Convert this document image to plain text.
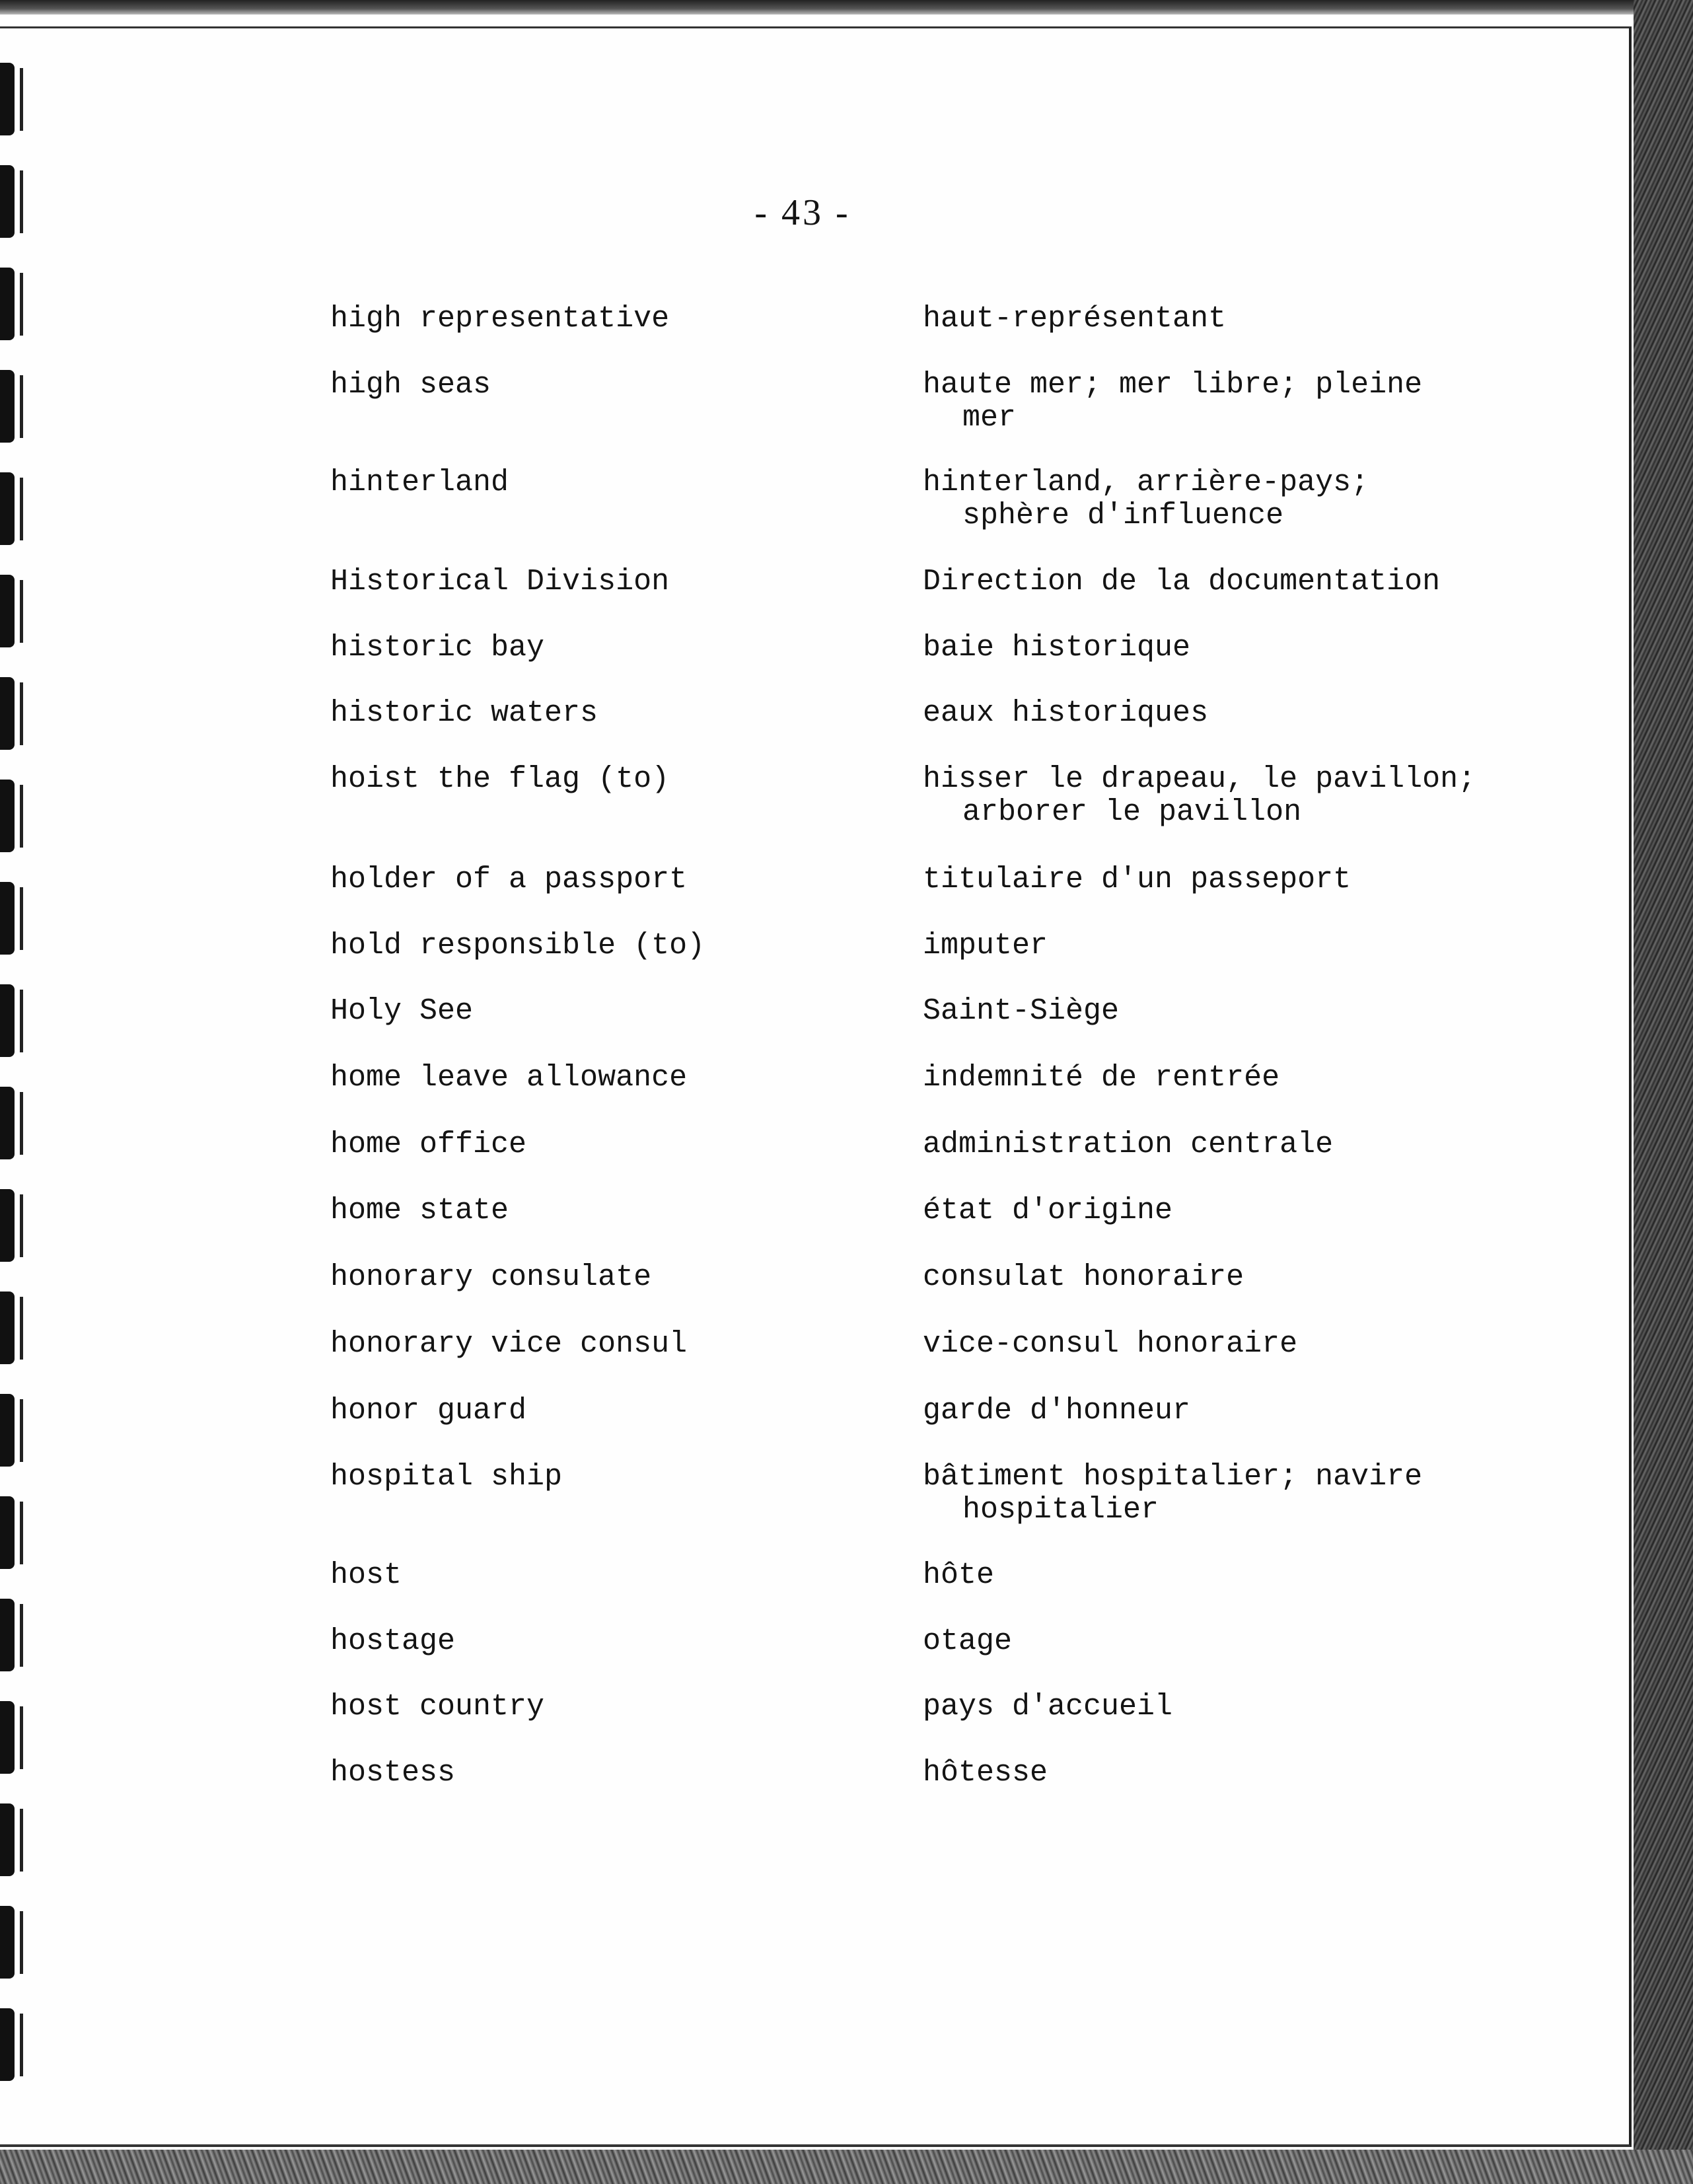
- 43 -
high representative	haut-représentant
high seas	haute mer; mer libre; pleine
mer
hinterland	hinterland, arrière-pays;
sphère d'influence
Historical Division	Direction de la documentation
historic bay	baie historique
historic waters	eaux historiques
hoist the flag (to)	hisser le drapeau, le pavillon;
arborer le pavillon
holder of a passport	titulaire d'un passeport
hold responsible (to)	imputer
Holy See	Saint-Siège
home leave allowance	indemnité de rentrée
home office	administration centrale
home state	état d'origine
honorary consulate	consulat honoraire
honorary vice consul	vice-consul honoraire
honor guard	garde d'honneur
hospital ship	bâtiment hospitalier; navire
hospitalier
host	hôte
hostage	otage
host country	pays d'accueil
hostess	hôtesse
